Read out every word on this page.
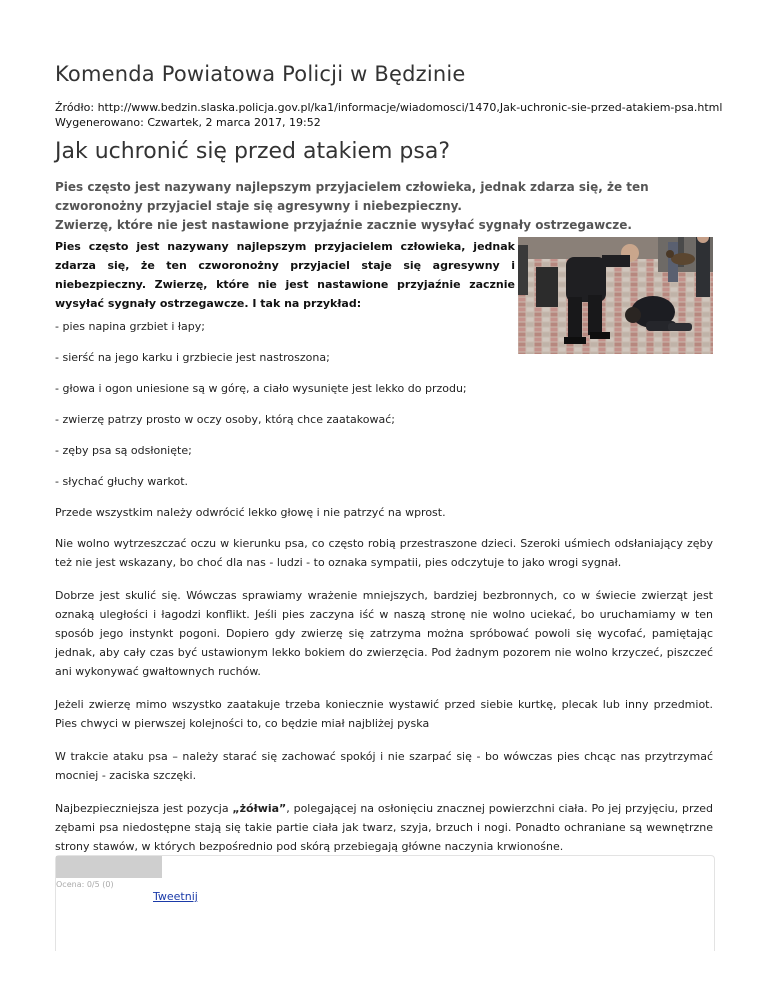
Komenda Powiatowa Policji w Będzinie
Źródło: http://www.bedzin.slaska.policja.gov.pl/ka1/informacje/wiadomosci/1470,Jak-uchronic-sie-przed-atakiem-psa.html
Wygenerowano: Czwartek, 2 marca 2017, 19:52
Jak uchronić się przed atakiem psa?

Pies często jest nazywany najlepszym przyjacielem człowieka, jednak zdarza się, że ten czworonożny przyjaciel staje się agresywny i niebezpieczny.

Zwierzę, które nie jest nastawione przyjaźnie zacznie wysyłać sygnały ostrzegawcze.

Pies często jest nazywany najlepszym przyjacielem człowieka, jednak zdarza się, że ten czworonożny przyjaciel staje się agresywny i niebezpieczny. Zwierzę, które nie jest nastawione przyjaźnie zacznie wysyłać sygnały ostrzegawcze. I tak na przykład:

- pies napina grzbiet i łapy;

- sierść na jego karku i grzbiecie jest nastroszona;

- głowa i ogon uniesione są w górę, a ciało wysunięte jest lekko do przodu;

- zwierzę patrzy prosto w oczy osoby, którą chce zaatakować;

- zęby psa są odsłonięte;

- słychać głuchy warkot.

Przede wszystkim należy odwrócić lekko głowę i nie patrzyć na wprost.

Nie wolno wytrzeszczać oczu w kierunku psa, co często robią przestraszone dzieci. Szeroki uśmiech odsłaniający zęby też nie jest wskazany, bo choć dla nas - ludzi - to oznaka sympatii, pies odczytuje to jako wrogi sygnał.

Dobrze jest skulić się. Wówczas sprawiamy wrażenie mniejszych, bardziej bezbronnych, co w świecie zwierząt jest oznaką uległości i łagodzi konflikt. Jeśli pies zaczyna iść w naszą stronę nie wolno uciekać, bo uruchamiamy w ten sposób jego instynkt pogoni. Dopiero gdy zwierzę się zatrzyma można spróbować powoli się wycofać, pamiętając jednak, aby cały czas być ustawionym lekko bokiem do zwierzęcia. Pod żadnym pozorem nie wolno krzyczeć, piszczeć ani wykonywać gwałtownych ruchów.

Jeżeli zwierzę mimo wszystko zaatakuje trzeba koniecznie wystawić przed siebie kurtkę, plecak lub inny przedmiot. Pies chwyci w pierwszej kolejności to, co będzie miał najbliżej pyska

W trakcie ataku psa – należy starać się zachować spokój i nie szarpać się - bo wówczas pies chcąc nas przytrzymać mocniej - zaciska szczęki.

Najbezpieczniejsza jest pozycja „żółwia”, polegającej na osłonięciu znacznej powierzchni ciała. Po jej przyjęciu, przed zębami psa niedostępne stają się takie partie ciała jak twarz, szyja, brzuch i nogi. Ponadto ochraniane są wewnętrzne strony stawów, w których bezpośrednio pod skórą przebiegają główne naczynia krwionośne.

Ocena: 0/5 (0)
Tweetnij
